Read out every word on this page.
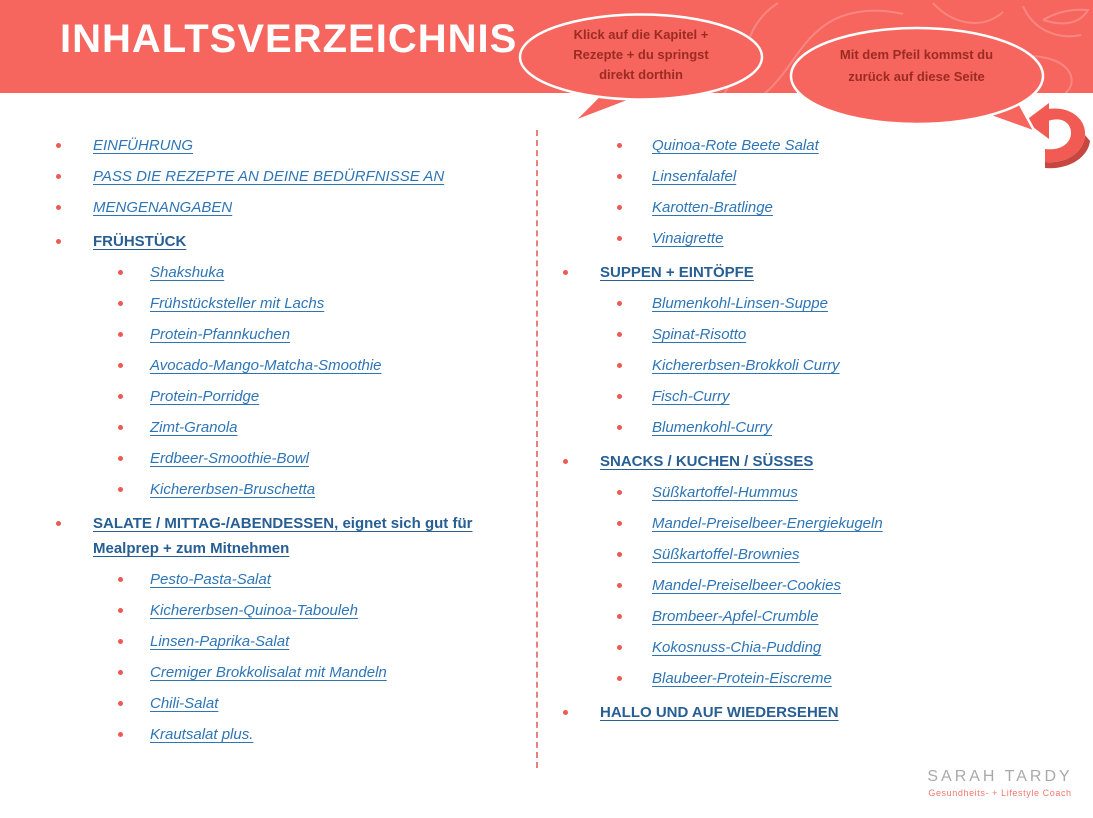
INHALTSVERZEICHNIS	Klick auf die Kapitel + Rezepte + du springst direkt dorthin
Mit dem Pfeil kommst du zurück auf diese Seite
EINFÜHRUNG
PASS DIE REZEPTE AN DEINE BEDÜRFNISSE AN
MENGENANGABEN
FRÜHSTÜCK
Shakshuka
Frühstücksteller mit Lachs
Protein-Pfannkuchen
Avocado-Mango-Matcha-Smoothie
Protein-Porridge
Zimt-Granola
Erdbeer-Smoothie-Bowl
Kichererbsen-Bruschetta
SALATE / MITTAG-/ABENDESSEN, eignet sich gut für Mealprep + zum Mitnehmen
Pesto-Pasta-Salat
Kichererbsen-Quinoa-Tabouleh
Linsen-Paprika-Salat
Cremiger Brokkolisalat mit Mandeln
Chili-Salat
Krautsalat plus.
Quinoa-Rote Beete Salat
Linsenfalafel
Karotten-Bratlinge
Vinaigrette
SUPPEN + EINTÖPFE
Blumenkohl-Linsen-Suppe
Spinat-Risotto
Kichererbsen-Brokkoli Curry
Fisch-Curry
Blumenkohl-Curry
SNACKS / KUCHEN / SÜSSES
Süßkartoffel-Hummus
Mandel-Preiselbeer-Energiekugeln
Süßkartoffel-Brownies
Mandel-Preiselbeer-Cookies
Brombeer-Apfel-Crumble
Kokosnuss-Chia-Pudding
Blaubeer-Protein-Eiscreme
HALLO UND AUF WIEDERSEHEN
SARAH TARDY
Gesundheits- + Lifestyle Coach
